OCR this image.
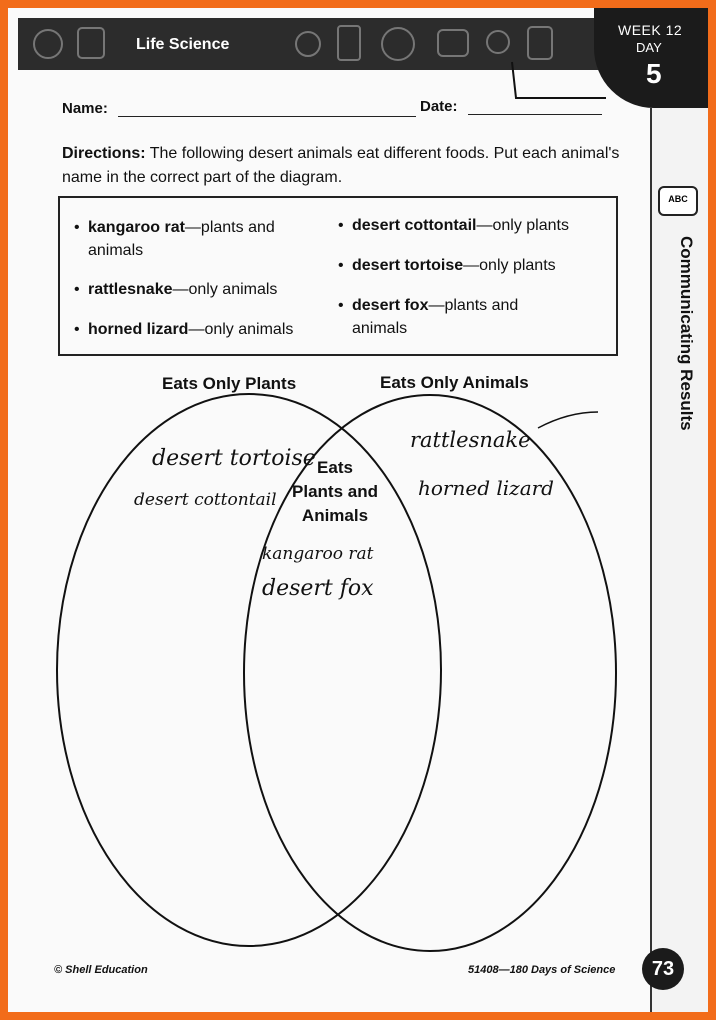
Life Science
WEEK 12
DAY
5
ABC
Communicating Results
Name:	Date:
Directions: The following desert animals eat different foods. Put each animal's name in the correct part of the diagram.
• kangaroo rat—plants and animals
• rattlesnake—only animals
• horned lizard—only animals
• desert cottontail—only plants
• desert tortoise—only plants
• desert fox—plants and animals
Eats Only Plants	Eats Only Animals
Eats
Plants and
Animals
desert tortoise
desert cottontail
kangaroo rat
desert fox
rattlesnake
horned lizard
© Shell Education	51408—180 Days of Science	73
